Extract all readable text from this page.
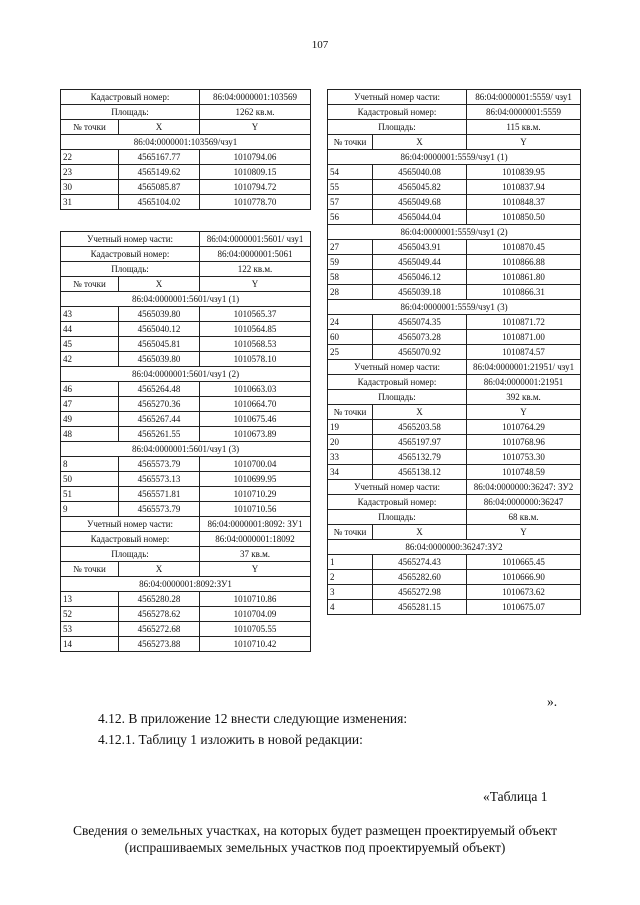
107
Кадастровый номер:		86:04:0000001:103569
Площадь:		1262 кв.м.
№ точки	X	Y
86:04:0000001:103569/чзу1		
22	4565167.77	1010794.06
23	4565149.62	1010809.15
30	4565085.87	1010794.72
31	4565104.02	1010778.70
Учетный номер части:		86:04:0000001:5601/ чзу1
Кадастровый номер:		86:04:0000001:5061
Площадь:		122 кв.м.
№ точки	X	Y
86:04:0000001:5601/чзу1 (1)		
43	4565039.80	1010565.37
44	4565040.12	1010564.85
45	4565045.81	1010568.53
42	4565039.80	1010578.10
86:04:0000001:5601/чзу1 (2)		
46	4565264.48	1010663.03
47	4565270.36	1010664.70
49	4565267.44	1010675.46
48	4565261.55	1010673.89
86:04:0000001:5601/чзу1 (3)		
8	4565573.79	1010700.04
50	4565573.13	1010699.95
51	4565571.81	1010710.29
9	4565573.79	1010710.56
Учетный номер части:		86:04:0000001:8092: ЗУ1
Кадастровый номер:		86:04:0000001:18092
Площадь:		37 кв.м.
№ точки	X	Y
86:04:0000001:8092:ЗУ1		
13	4565280.28	1010710.86
52	4565278.62	1010704.09
53	4565272.68	1010705.55
14	4565273.88	1010710.42
Учетный номер части:		86:04:0000001:5559/ чзу1
Кадастровый номер:		86:04:0000001:5559
Площадь:		115 кв.м.
№ точки	X	Y
86:04:0000001:5559/чзу1 (1)		
54	4565040.08	1010839.95
55	4565045.82	1010837.94
57	4565049.68	1010848.37
56	4565044.04	1010850.50
86:04:0000001:5559/чзу1 (2)		
27	4565043.91	1010870.45
59	4565049.44	1010866.88
58	4565046.12	1010861.80
28	4565039.18	1010866.31
86:04:0000001:5559/чзу1 (3)		
24	4565074.35	1010871.72
60	4565073.28	1010871.00
25	4565070.92	1010874.57
Учетный номер части:		86:04:0000001:21951/ чзу1
Кадастровый номер:		86:04:0000001:21951
Площадь:		392 кв.м.
№ точки	X	Y
19	4565203.58	1010764.29
20	4565197.97	1010768.96
33	4565132.79	1010753.30
34	4565138.12	1010748.59
Учетный номер части:		86:04:0000000:36247: ЗУ2
Кадастровый номер:		86:04:0000000:36247
Площадь:		68 кв.м.
№ точки	X	Y
86:04:0000000:36247:ЗУ2		
1	4565274.43	1010665.45
2	4565282.60	1010666.90
3	4565272.98	1010673.62
4	4565281.15	1010675.07
».
4.12. В приложение 12 внести следующие изменения:
4.12.1. Таблицу 1 изложить в новой редакции:
«Таблица 1
Сведения о земельных участках, на которых будет размещен проектируемый объект (испрашиваемых земельных участков под проектируемый объект)
